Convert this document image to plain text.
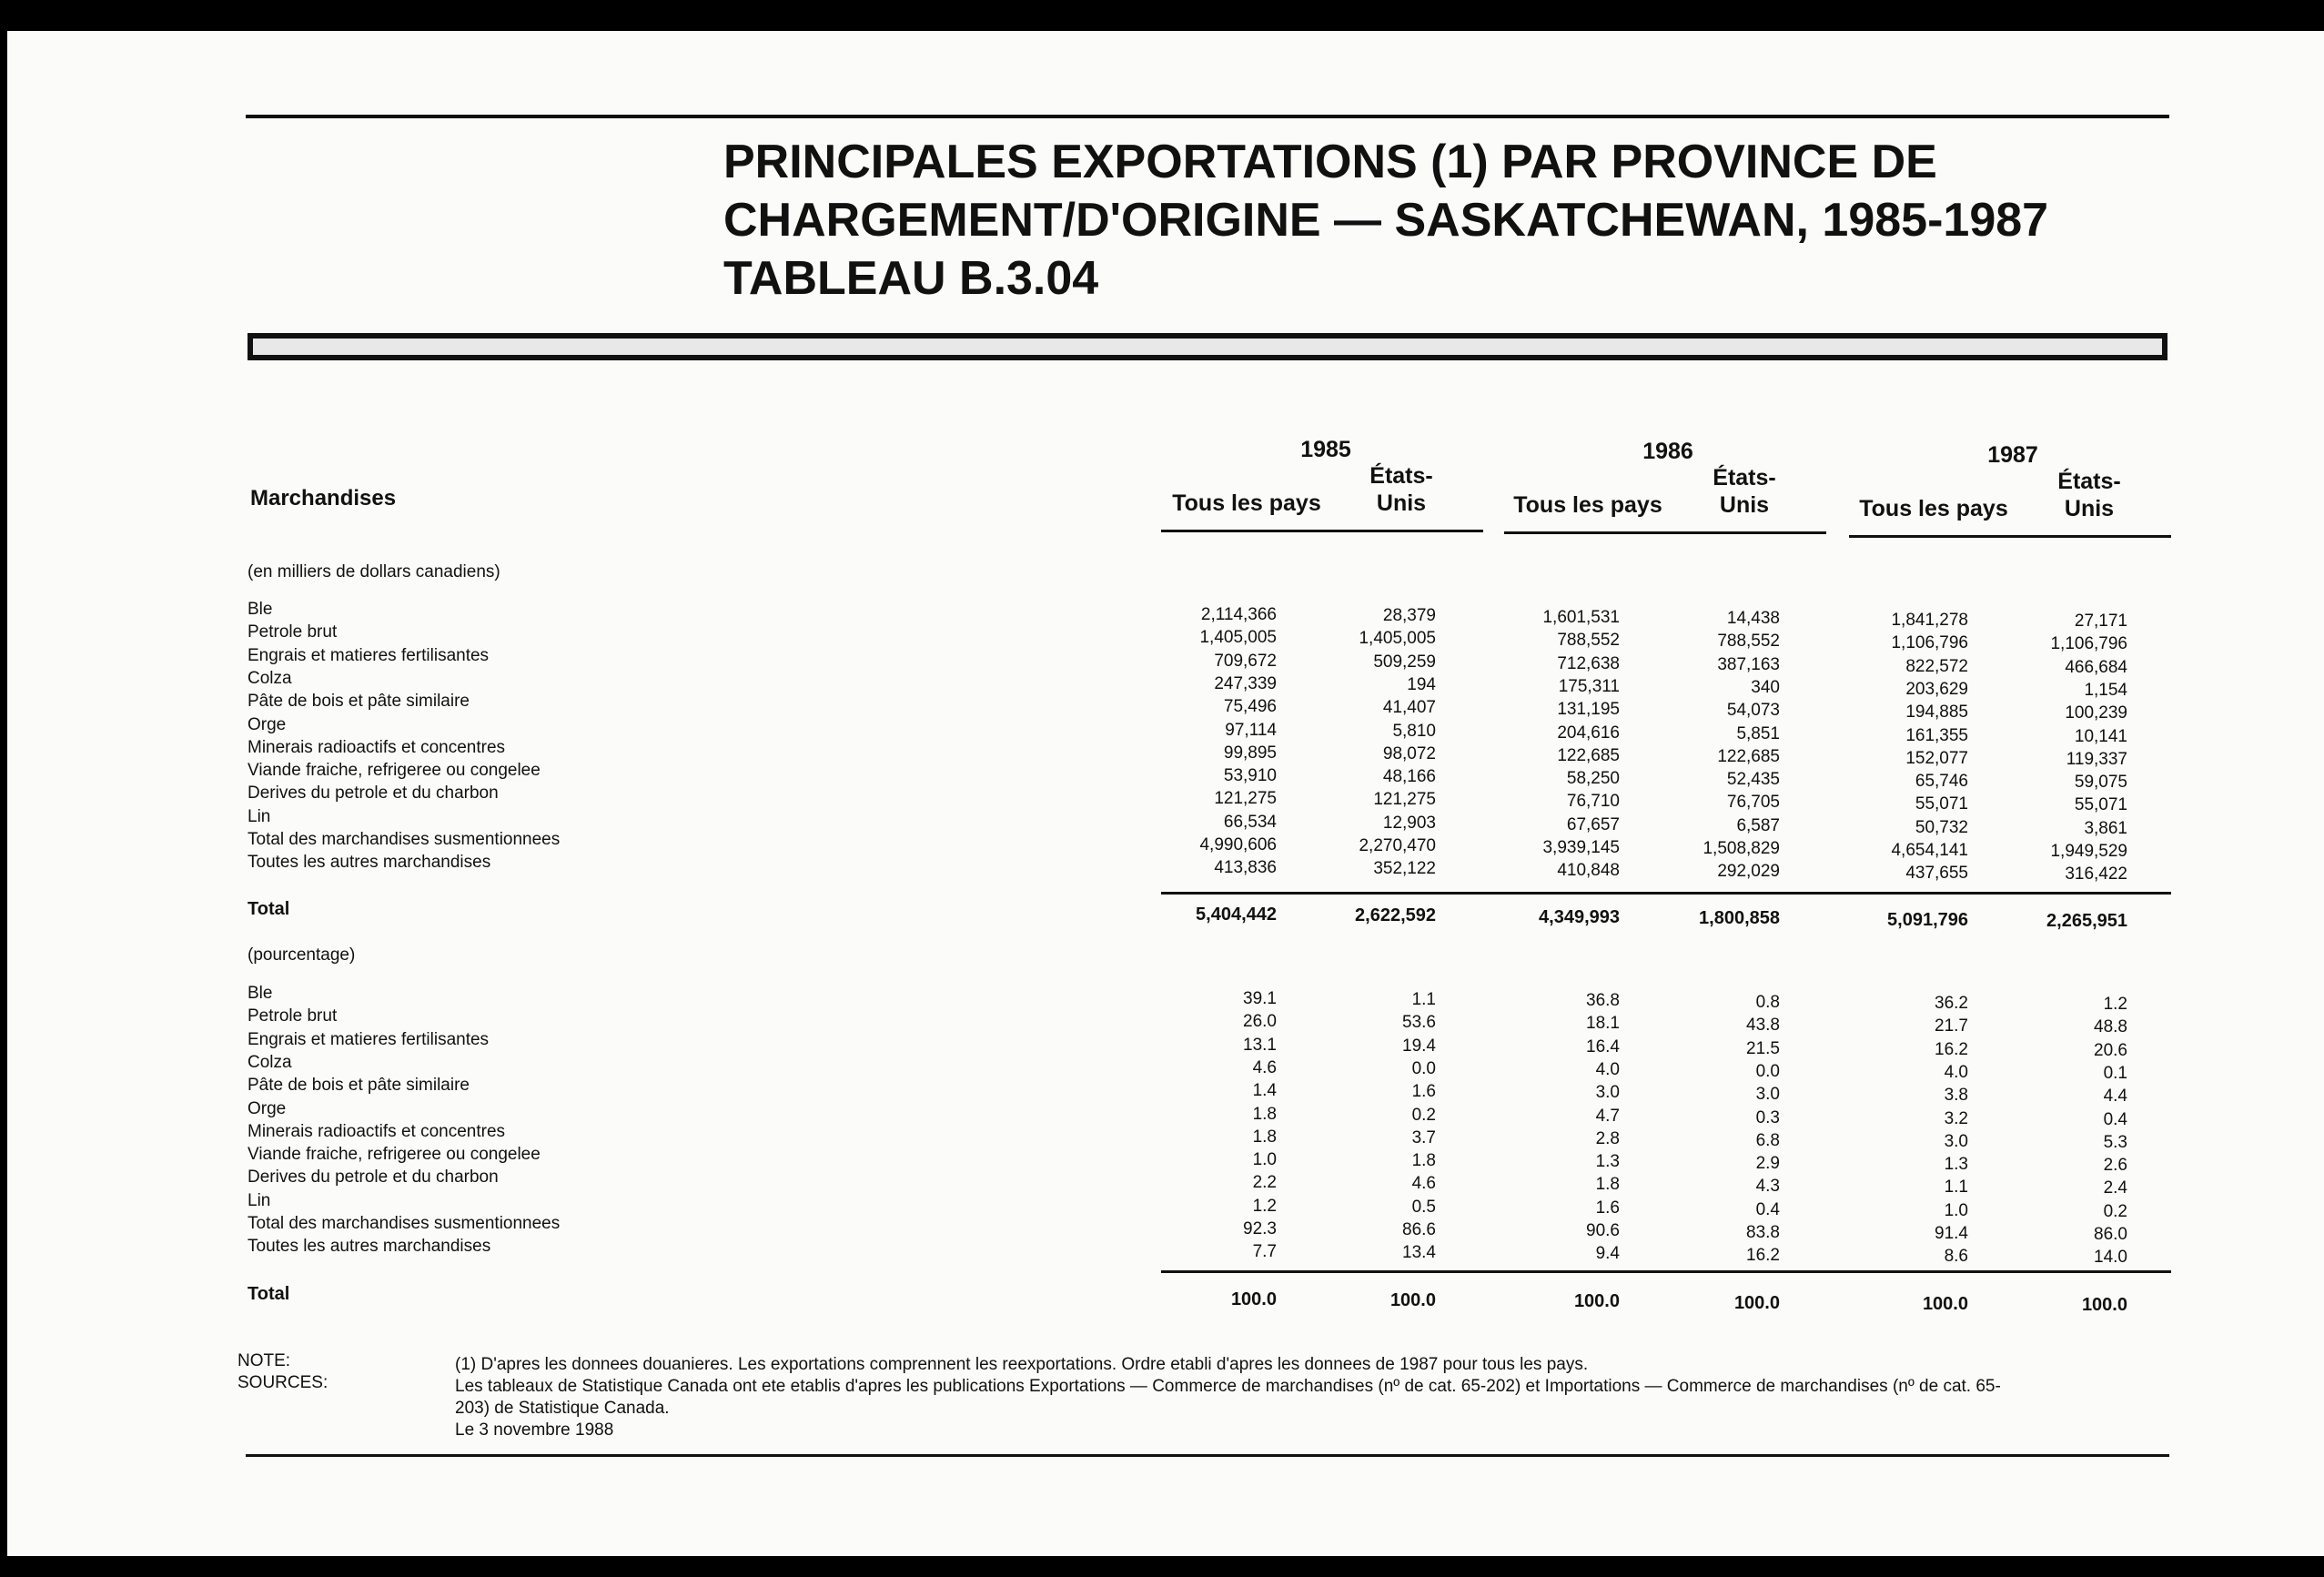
PRINCIPALES EXPORTATIONS (1) PAR PROVINCE DE
CHARGEMENT/D'ORIGINE — SASKATCHEWAN, 1985-1987
TABLEAU B.3.04
Marchandises
1985	1986	1987
Tous les pays
États-
Unis	Tous les pays
États-
Unis	Tous les pays
États-
Unis
(en milliers de dollars canadiens)
Ble	2,114,366	28,379	1,601,531	14,438	1,841,278	27,171
Petrole brut	1,405,005	1,405,005	788,552	788,552	1,106,796	1,106,796
Engrais et matieres fertilisantes	709,672	509,259	712,638	387,163	822,572	466,684
Colza	247,339	194	175,311	340	203,629	1,154
Pâte de bois et pâte similaire	75,496	41,407	131,195	54,073	194,885	100,239
Orge	97,114	5,810	204,616	5,851	161,355	10,141
Minerais radioactifs et concentres	99,895	98,072	122,685	122,685	152,077	119,337
Viande fraiche, refrigeree ou congelee	53,910	48,166	58,250	52,435	65,746	59,075
Derives du petrole et du charbon	121,275	121,275	76,710	76,705	55,071	55,071
Lin	66,534	12,903	67,657	6,587	50,732	3,861
Total des marchandises susmentionnees	4,990,606	2,270,470	3,939,145	1,508,829	4,654,141	1,949,529
Toutes les autres marchandises	413,836	352,122	410,848	292,029	437,655	316,422
Total	5,404,442	2,622,592	4,349,993	1,800,858	5,091,796	2,265,951
(pourcentage)
Ble	39.1	1.1	36.8	0.8	36.2	1.2
Petrole brut	26.0	53.6	18.1	43.8	21.7	48.8
Engrais et matieres fertilisantes	13.1	19.4	16.4	21.5	16.2	20.6
Colza	4.6	0.0	4.0	0.0	4.0	0.1
Pâte de bois et pâte similaire	1.4	1.6	3.0	3.0	3.8	4.4
Orge	1.8	0.2	4.7	0.3	3.2	0.4
Minerais radioactifs et concentres	1.8	3.7	2.8	6.8	3.0	5.3
Viande fraiche, refrigeree ou congelee	1.0	1.8	1.3	2.9	1.3	2.6
Derives du petrole et du charbon	2.2	4.6	1.8	4.3	1.1	2.4
Lin	1.2	0.5	1.6	0.4	1.0	0.2
Total des marchandises susmentionnees	92.3	86.6	90.6	83.8	91.4	86.0
Toutes les autres marchandises	7.7	13.4	9.4	16.2	8.6	14.0
Total	100.0	100.0	100.0	100.0	100.0	100.0
NOTE:	(1) D'apres les donnees douanieres. Les exportations comprennent les reexportations. Ordre etabli d'apres les donnees de 1987 pour tous les pays.
SOURCES:	Les tableaux de Statistique Canada ont ete etablis d'apres les publications Exportations — Commerce de marchandises (nº de cat. 65-202) et Importations — Commerce de marchandises (nº de cat. 65-
203) de Statistique Canada.
Le 3 novembre 1988
